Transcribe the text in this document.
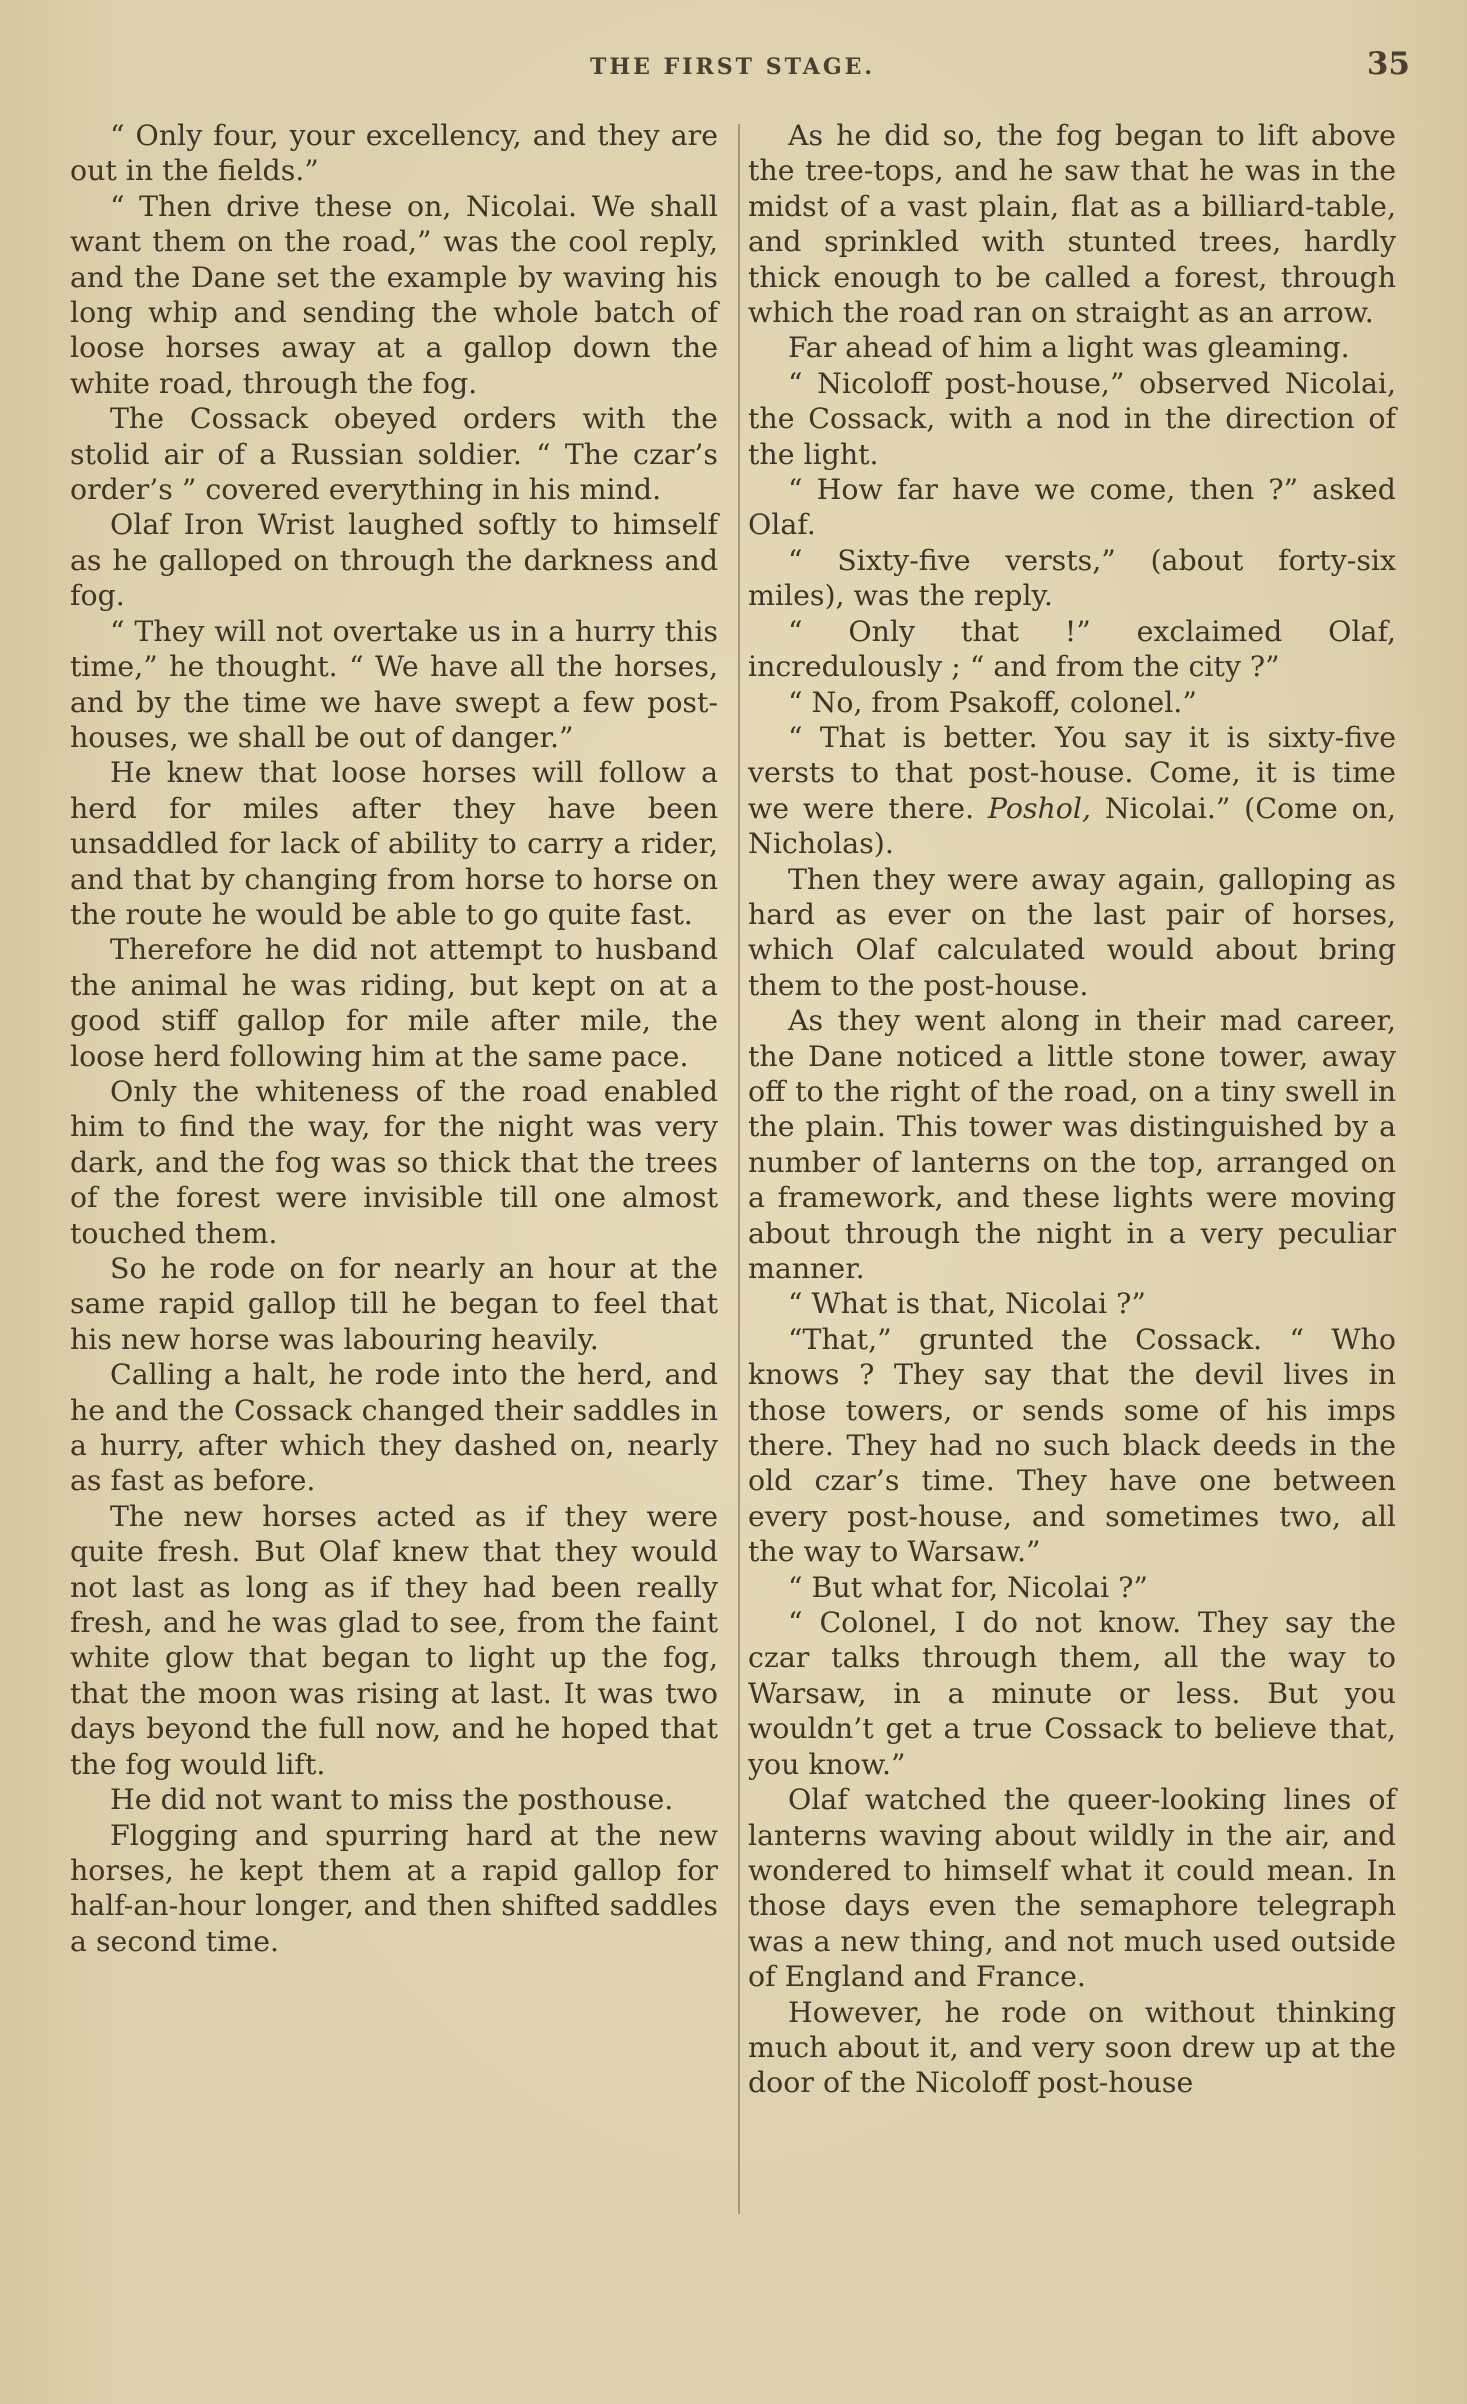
THE FIRST STAGE.	35

“ Only four, your excellency, and they are out in the fields.”

“ Then drive these on, Nicolai. We shall want them on the road,” was the cool reply, and the Dane set the example by waving his long whip and sending the whole batch of loose horses away at a gallop down the white road, through the fog.

The Cossack obeyed orders with the stolid air of a Russian soldier. “ The czar’s order’s ” covered everything in his mind.

Olaf Iron Wrist laughed softly to himself as he galloped on through the darkness and fog.

“ They will not overtake us in a hurry this time,” he thought. “ We have all the horses, and by the time we have swept a few post-houses, we shall be out of danger.”

He knew that loose horses will follow a herd for miles after they have been unsaddled for lack of ability to carry a rider, and that by changing from horse to horse on the route he would be able to go quite fast.

Therefore he did not attempt to husband the animal he was riding, but kept on at a good stiff gallop for mile after mile, the loose herd following him at the same pace.

Only the whiteness of the road enabled him to find the way, for the night was very dark, and the fog was so thick that the trees of the forest were invisible till one almost touched them.

So he rode on for nearly an hour at the same rapid gallop till he began to feel that his new horse was labouring heavily.

Calling a halt, he rode into the herd, and he and the Cossack changed their saddles in a hurry, after which they dashed on, nearly as fast as before.

The new horses acted as if they were quite fresh. But Olaf knew that they would not last as long as if they had been really fresh, and he was glad to see, from the faint white glow that began to light up the fog, that the moon was rising at last. It was two days beyond the full now, and he hoped that the fog would lift.

He did not want to miss the posthouse.

Flogging and spurring hard at the new horses, he kept them at a rapid gallop for half-an-hour longer, and then shifted saddles a second time.

As he did so, the fog began to lift above the tree-tops, and he saw that he was in the midst of a vast plain, flat as a billiard-table, and sprinkled with stunted trees, hardly thick enough to be called a forest, through which the road ran on straight as an arrow.

Far ahead of him a light was gleaming.

“ Nicoloff post-house,” observed Nicolai, the Cossack, with a nod in the direction of the light.

“ How far have we come, then ?” asked Olaf.

“ Sixty-five versts,” (about forty-six miles), was the reply.

“ Only that !” exclaimed Olaf, incredulously ; “ and from the city ?”

“ No, from Psakoff, colonel.”

“ That is better. You say it is sixty-five versts to that post-house. Come, it is time we were there. Poshol, Nicolai.” (Come on, Nicholas).

Then they were away again, galloping as hard as ever on the last pair of horses, which Olaf calculated would about bring them to the post-house.

As they went along in their mad career, the Dane noticed a little stone tower, away off to the right of the road, on a tiny swell in the plain. This tower was distinguished by a number of lanterns on the top, arranged on a framework, and these lights were moving about through the night in a very peculiar manner.

“ What is that, Nicolai ?”

“That,” grunted the Cossack. “ Who knows ? They say that the devil lives in those towers, or sends some of his imps there. They had no such black deeds in the old czar’s time. They have one between every post-house, and sometimes two, all the way to Warsaw.”

“ But what for, Nicolai ?”

“ Colonel, I do not know. They say the czar talks through them, all the way to Warsaw, in a minute or less. But you wouldn’t get a true Cossack to believe that, you know.”

Olaf watched the queer-looking lines of lanterns waving about wildly in the air, and wondered to himself what it could mean. In those days even the semaphore telegraph was a new thing, and not much used outside of England and France.

However, he rode on without thinking much about it, and very soon drew up at the door of the Nicoloff post-house
